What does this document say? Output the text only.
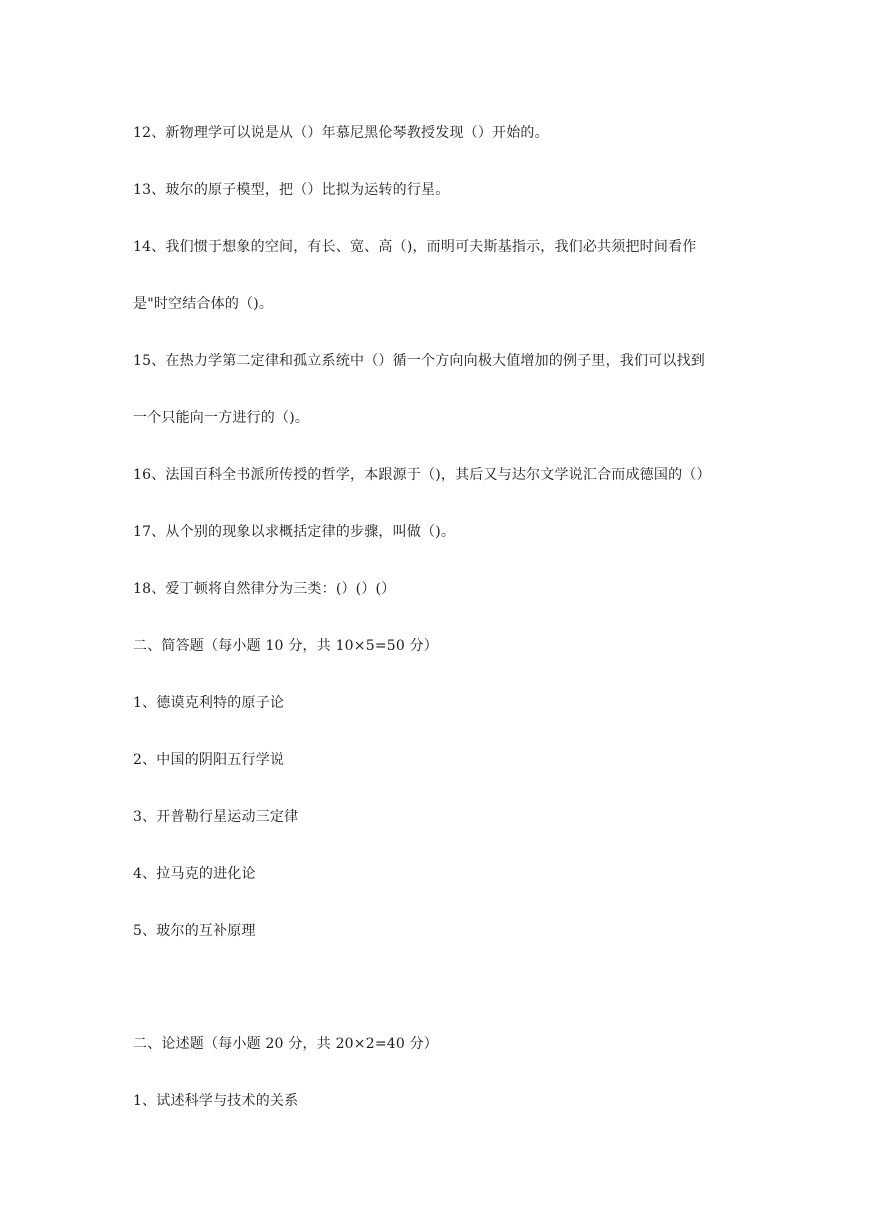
12、新物理学可以说是从（）年慕尼黑伦琴教授发现（）开始的。
13、玻尔的原子模型，把（）比拟为运转的行星。
14、我们惯于想象的空间，有长、宽、高（)，而明可夫斯基指示，我们必共须把时间看作
是"时空结合体的（)。
15、在热力学第二定律和孤立系统中（）循一个方向向极大值增加的例子里，我们可以找到
一个只能向一方进行的（)。
16、法国百科全书派所传授的哲学，本跟源于（)，其后又与达尔文学说汇合而成德国的（）
17、从个别的现象以求概括定律的步骤，叫做（)。
18、爱丁顿将自然律分为三类：(）(）(）
二、简答题（每小题 10 分，共 10×5=50 分）
1、德谟克利特的原子论
2、中国的阴阳五行学说
3、开普勒行星运动三定律
4、拉马克的进化论
5、玻尔的互补原理
二、论述题（每小题 20 分，共 20×2=40 分）
1、试述科学与技术的关系
